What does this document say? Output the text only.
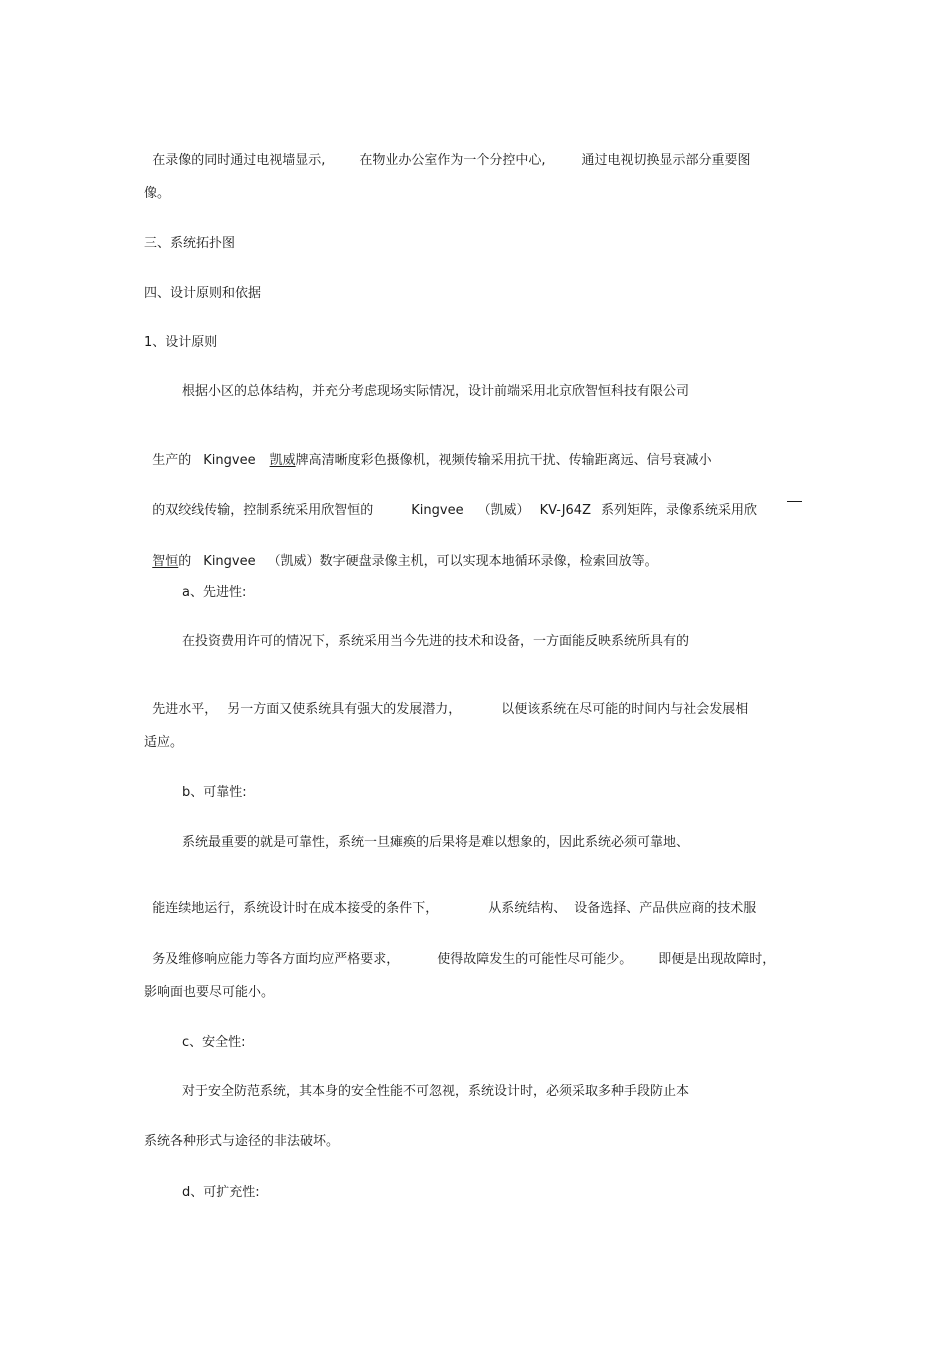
在录像的同时通过电视墙显示,	在物业办公室作为一个分控中心,	通过电视切换显示部分重要图

像。
三、系统拓扑图
四、设计原则和依据
1、设计原则
根据小区的总体结构，并充分考虑现场实际情况，设计前端采用北京欣智恒科技有限公司

生产的 Kingvee 凯威牌高清晰度彩色摄像机，视频传输采用抗干扰、传输距离远、信号衰减小

的双绞线传输，控制系统采用欣智恒的	Kingvee （凯威） KV-J64Z 系列矩阵，录像系统采用欣

智恒的 Kingvee （凯威）数字硬盘录像主机，可以实现本地循环录像，检索回放等。

a、先进性:
在投资费用许可的情况下，系统采用当今先进的技术和设备，一方面能反映系统所具有的

先进水平， 另一方面又使系统具有强大的发展潜力，	以便该系统在尽可能的时间内与社会发展相

适应。
b、可靠性:
系统最重要的就是可靠性，系统一旦瘫痪的后果将是难以想象的，因此系统必须可靠地、

能连续地运行，系统设计时在成本接受的条件下，	从系统结构、 设备选择、产品供应商的技术服

务及维修响应能力等各方面均应严格要求，	使得故障发生的可能性尽可能少。 即便是出现故障时，

影响面也要尽可能小。
c、安全性:
对于安全防范系统，其本身的安全性能不可忽视，系统设计时，必须采取多种手段防止本
系统各种形式与途径的非法破坏。
d、可扩充性:
